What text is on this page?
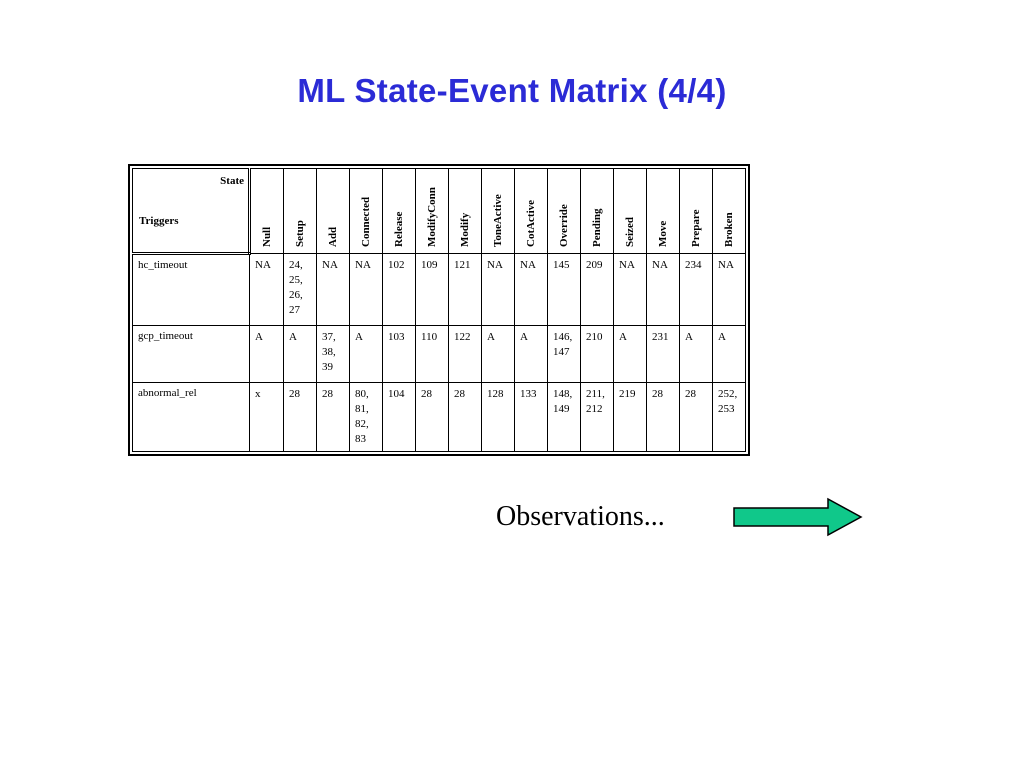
ML State-Event Matrix (4/4)
State
Triggers	Null	Setup	Add	Connected	Release	ModifyConn	Modify	ToneActive	CotActive	Override	Pending	Seized	Move	Prepare	Broken

hc_timeout	NA	24, 25, 26, 27	NA	NA	102	109	121	NA	NA	145	209	NA	NA	234	NA
gcp_timeout	A	A	37, 38, 39	A	103	110	122	A	A	146, 147	210	A	231	A	A
abnormal_rel	x	28	28	80, 81, 82, 83	104	28	28	128	133	148, 149	211, 212	219	28	28	252, 253
Observations...
